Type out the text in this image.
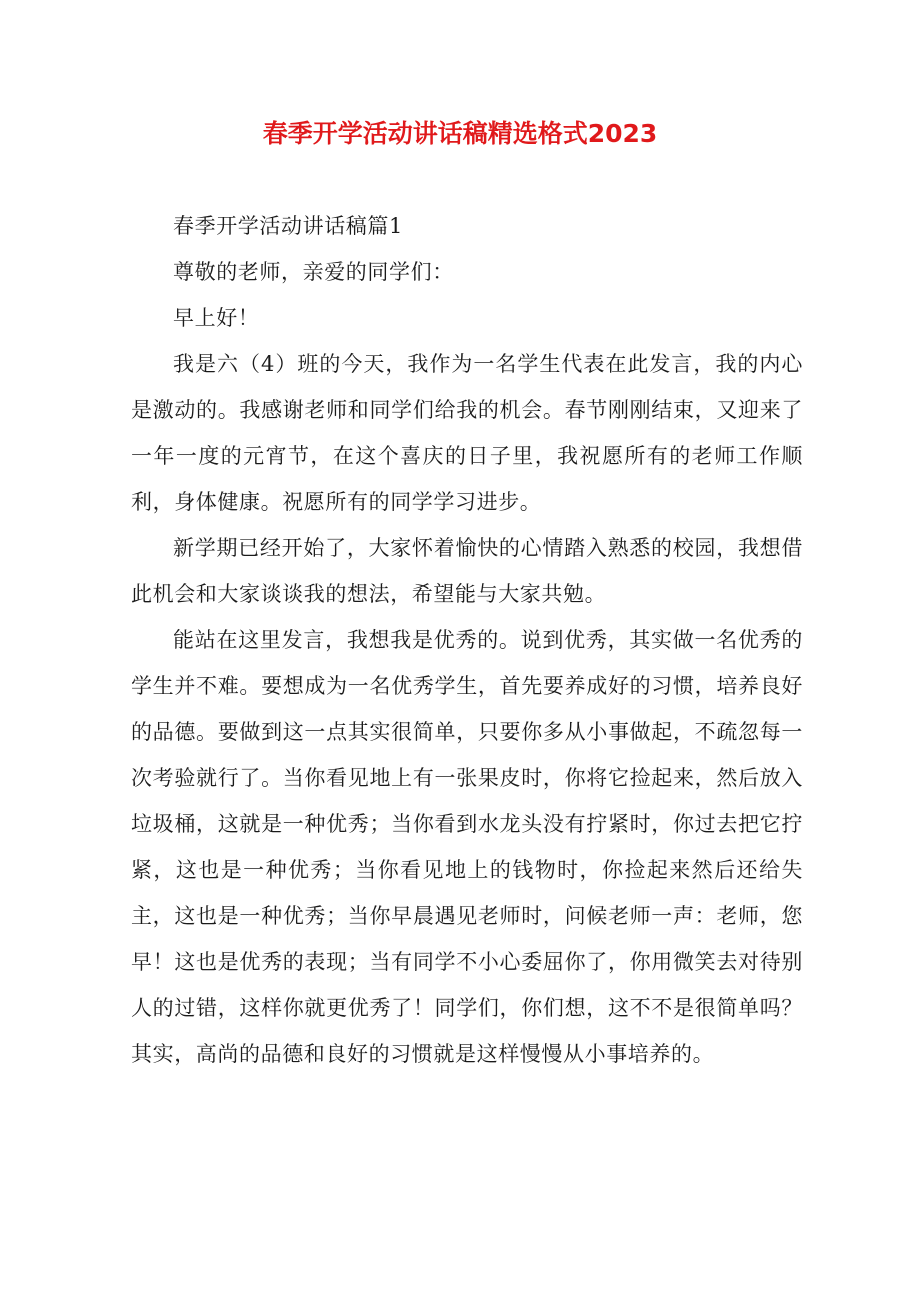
春季开学活动讲话稿精选格式2023

春季开学活动讲话稿篇1

尊敬的老师，亲爱的同学们：

早上好！

我是六（4）班的今天，我作为一名学生代表在此发言，我的内心是激动的。我感谢老师和同学们给我的机会。春节刚刚结束，又迎来了一年一度的元宵节，在这个喜庆的日子里，我祝愿所有的老师工作顺利，身体健康。祝愿所有的同学学习进步。

新学期已经开始了，大家怀着愉快的心情踏入熟悉的校园，我想借此机会和大家谈谈我的想法，希望能与大家共勉。

能站在这里发言，我想我是优秀的。说到优秀，其实做一名优秀的学生并不难。要想成为一名优秀学生，首先要养成好的习惯，培养良好的品德。要做到这一点其实很简单，只要你多从小事做起，不疏忽每一次考验就行了。当你看见地上有一张果皮时，你将它捡起来，然后放入垃圾桶，这就是一种优秀；当你看到水龙头没有拧紧时，你过去把它拧紧，这也是一种优秀；当你看见地上的钱物时，你捡起来然后还给失主，这也是一种优秀；当你早晨遇见老师时，问候老师一声：老师，您早！这也是优秀的表现；当有同学不小心委屈你了，你用微笑去对待别人的过错，这样你就更优秀了！同学们，你们想，这不不是很简单吗？其实，高尚的品德和良好的习惯就是这样慢慢从小事培养的。
